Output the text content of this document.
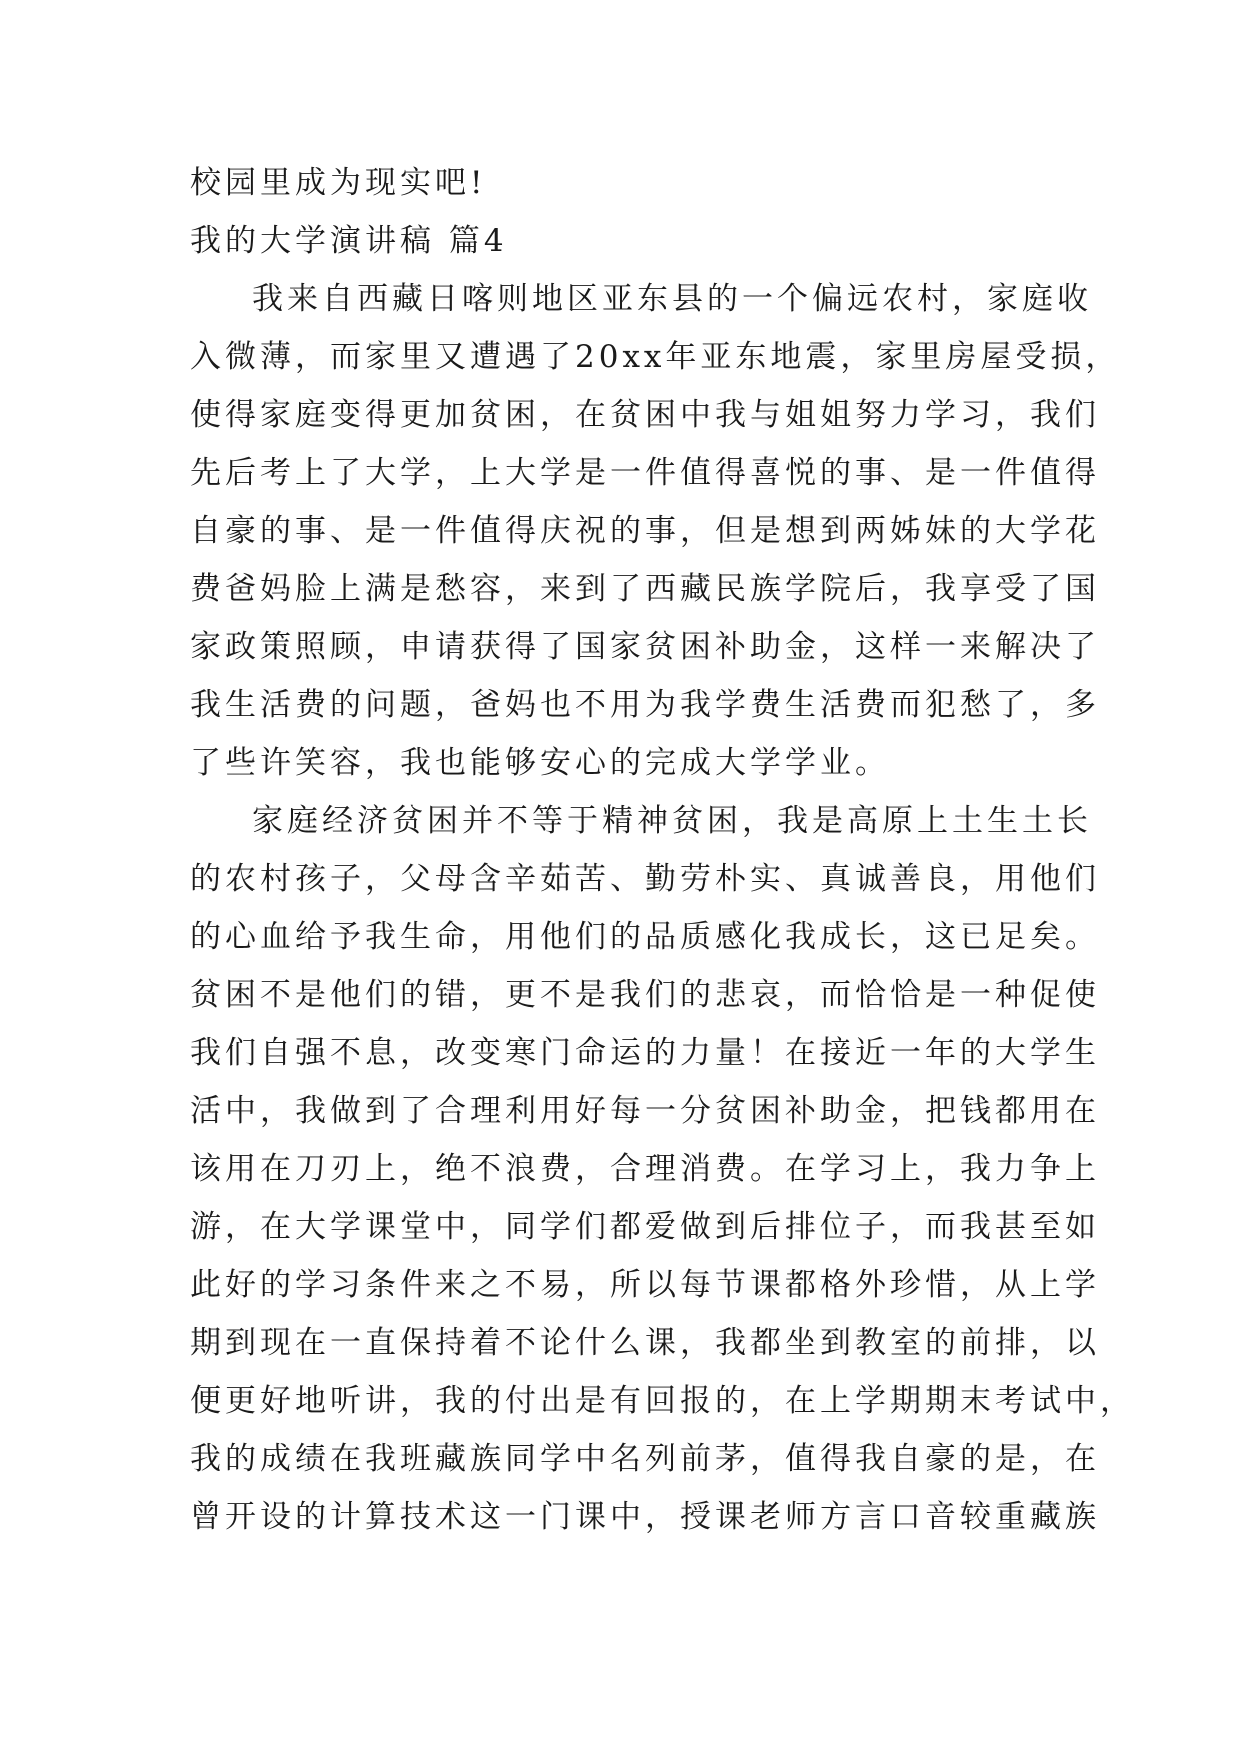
校园里成为现实吧!
我的大学演讲稿 篇4
我来自西藏日喀则地区亚东县的一个偏远农村，家庭收
入微薄，而家里又遭遇了20xx年亚东地震，家里房屋受损，
使得家庭变得更加贫困，在贫困中我与姐姐努力学习，我们
先后考上了大学，上大学是一件值得喜悦的事、是一件值得
自豪的事、是一件值得庆祝的事，但是想到两姊妹的大学花
费爸妈脸上满是愁容，来到了西藏民族学院后，我享受了国
家政策照顾，申请获得了国家贫困补助金，这样一来解决了
我生活费的问题，爸妈也不用为我学费生活费而犯愁了，多
了些许笑容，我也能够安心的完成大学学业。
家庭经济贫困并不等于精神贫困，我是高原上土生土长
的农村孩子，父母含辛茹苦、勤劳朴实、真诚善良，用他们
的心血给予我生命，用他们的品质感化我成长，这已足矣。
贫困不是他们的错，更不是我们的悲哀，而恰恰是一种促使
我们自强不息，改变寒门命运的力量！在接近一年的大学生
活中，我做到了合理利用好每一分贫困补助金，把钱都用在
该用在刀刃上，绝不浪费，合理消费。在学习上，我力争上
游，在大学课堂中，同学们都爱做到后排位子，而我甚至如
此好的学习条件来之不易，所以每节课都格外珍惜，从上学
期到现在一直保持着不论什么课，我都坐到教室的前排，以
便更好地听讲，我的付出是有回报的，在上学期期末考试中，
我的成绩在我班藏族同学中名列前茅，值得我自豪的是，在
曾开设的计算技术这一门课中，授课老师方言口音较重藏族
